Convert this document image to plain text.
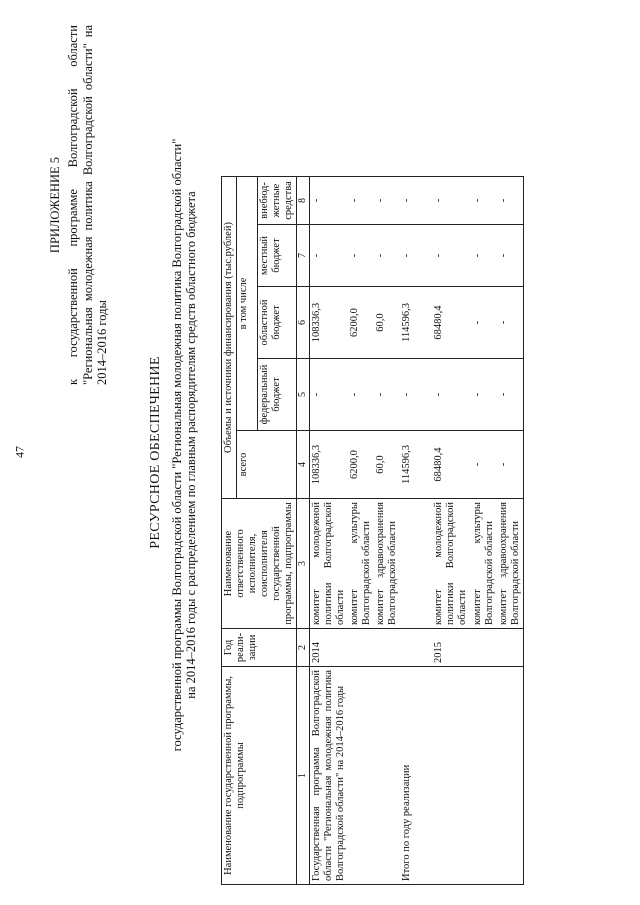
47
ПРИЛОЖЕНИЕ 5 к государственной программе Волгоградской области "Региональная молодежная политика Волгоградской области" на 2014–2016 годы
РЕСУРСНОЕ ОБЕСПЕЧЕНИЕ государственной программы Волгоградской области "Региональная молодежная политика Волгоградской области" на 2014–2016 годы с распределением по главным распорядителям средств областного бюджета
Наименование государственной программы, подпрограммы	Год реали-зации	Наименование ответственного исполнителя, соисполнителя государственной программы, подпрограммы	Объемы и источники финансирования (тыс.рублей)				
			всего	в том числе			
				федеральный бюджет	областной бюджет	местный бюджет	внебюд-жетные средства
1	2	3	4	5	6	7	8
Государственная программа Волгоградской области "Региональная молодежная политика Волгоградской области" на 2014–2016 годы	2014	комитет молодежной политики Волгоградской области	108336,3	-	108336,3	-	-
		комитет культуры Волгоградской области	6200,0	-	6200,0	-	-
		комитет здравоохранения Волгоградской области	60,0	-	60,0	-	-
Итого по году реализации			114596,3	-	114596,3	-	-
	2015	комитет молодежной политики Волгоградской области	68480,4	-	68480,4	-	-
		комитет культуры Волгоградской области	-	-	-	-	-
		комитет здравоохранения Волгоградской области	-	-	-	-	-
